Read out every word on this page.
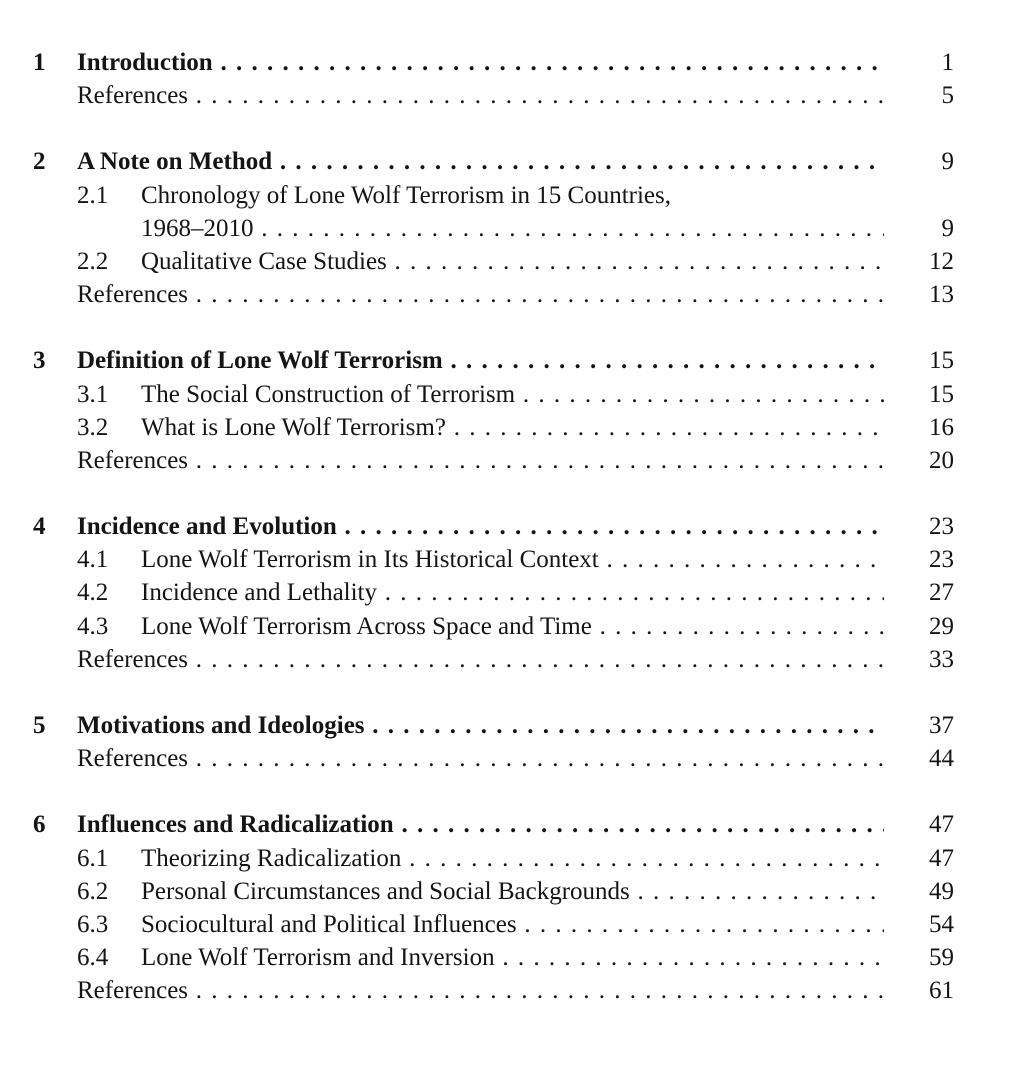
1 Introduction . . .	1
References . . .	5
2 A Note on Method . . .	9
2.1 Chronology of Lone Wolf Terrorism in 15 Countries,
1968–2010 . . .	9
2.2 Qualitative Case Studies . . .	12
References . . .	13
3 Definition of Lone Wolf Terrorism . . .	15
3.1 The Social Construction of Terrorism . . .	15
3.2 What is Lone Wolf Terrorism? . . .	16
References . . .	20
4 Incidence and Evolution . . .	23
4.1 Lone Wolf Terrorism in Its Historical Context . . .	23
4.2 Incidence and Lethality . . .	27
4.3 Lone Wolf Terrorism Across Space and Time . . .	29
References . . .	33
5 Motivations and Ideologies . . .	37
References . . .	44
6 Influences and Radicalization . . .	47
6.1 Theorizing Radicalization . . .	47
6.2 Personal Circumstances and Social Backgrounds . . .	49
6.3 Sociocultural and Political Influences . . .	54
6.4 Lone Wolf Terrorism and Inversion . . .	59
References . . .	61
